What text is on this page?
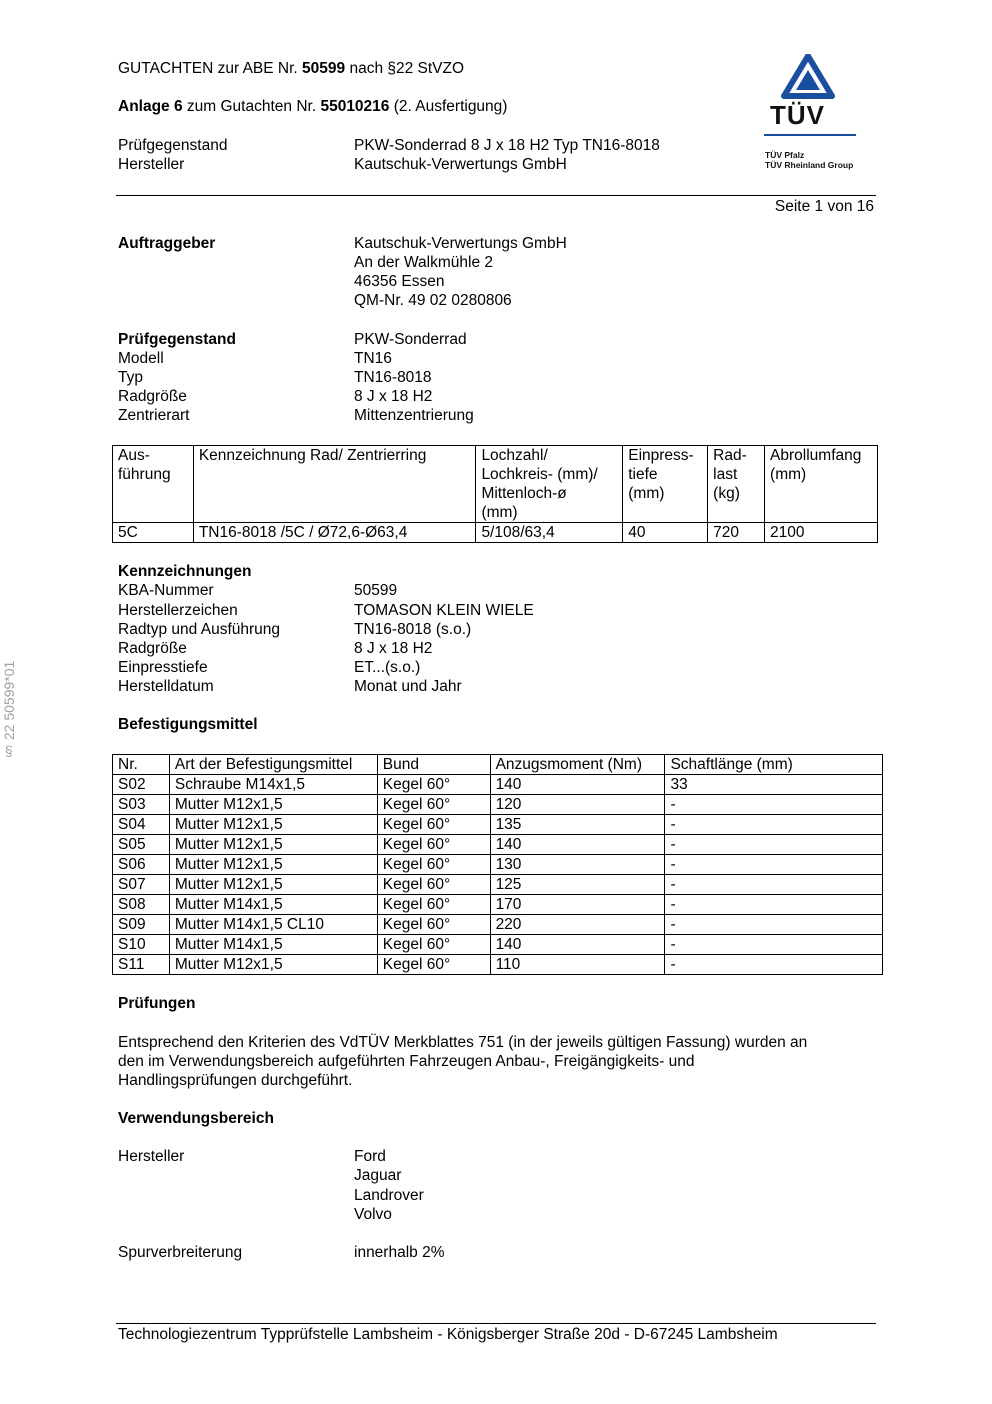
§ 22 50599*01
GUTACHTEN zur ABE Nr. 50599 nach §22 StVZO
Anlage 6 zum Gutachten Nr. 55010216 (2. Ausfertigung)
Prüfgegenstand	PKW-Sonderrad 8 J x 18 H2 Typ TN16-8018
Hersteller	Kautschuk-Verwertungs GmbH
TÜV
TÜV Pfalz
TÜV Rheinland Group
Seite 1 von 16
Auftraggeber	Kautschuk-Verwertungs GmbH
An der Walkmühle 2
46356 Essen
QM-Nr. 49 02 0280806
Prüfgegenstand	PKW-Sonderrad
Modell	TN16
Typ	TN16-8018
Radgröße	8 J x 18 H2
Zentrierart	Mittenzentrierung
Aus-
führung	Kennzeichnung Rad/ Zentrierring	Lochzahl/
Lochkreis- (mm)/
Mittenloch-ø
(mm)	Einpress-
tiefe
(mm)	Rad-
last
(kg)	Abrollumfang
(mm)
5C	TN16-8018 /5C / Ø72,6-Ø63,4	5/108/63,4	40	720	2100
Kennzeichnungen
KBA-Nummer	50599
Herstellerzeichen	TOMASON KLEIN WIELE
Radtyp und Ausführung	TN16-8018 (s.o.)
Radgröße	8 J x 18 H2
Einpresstiefe	ET...(s.o.)
Herstelldatum	Monat und Jahr
Befestigungsmittel
Nr.	Art der Befestigungsmittel	Bund	Anzugsmoment (Nm)	Schaftlänge (mm)
S02	Schraube M14x1,5	Kegel 60°	140	33
S03	Mutter M12x1,5	Kegel 60°	120	-
S04	Mutter M12x1,5	Kegel 60°	135	-
S05	Mutter M12x1,5	Kegel 60°	140	-
S06	Mutter M12x1,5	Kegel 60°	130	-
S07	Mutter M12x1,5	Kegel 60°	125	-
S08	Mutter M14x1,5	Kegel 60°	170	-
S09	Mutter M14x1,5 CL10	Kegel 60°	220	-
S10	Mutter M14x1,5	Kegel 60°	140	-
S11	Mutter M12x1,5	Kegel 60°	110	-
Prüfungen
Entsprechend den Kriterien des VdTÜV Merkblattes 751 (in der jeweils gültigen Fassung) wurden an
den im Verwendungsbereich aufgeführten Fahrzeugen Anbau-, Freigängigkeits- und
Handlingsprüfungen durchgeführt.
Verwendungsbereich
Hersteller	Ford
Jaguar
Landrover
Volvo
Spurverbreiterung	innerhalb 2%
Technologiezentrum Typprüfstelle Lambsheim - Königsberger Straße 20d - D-67245 Lambsheim
